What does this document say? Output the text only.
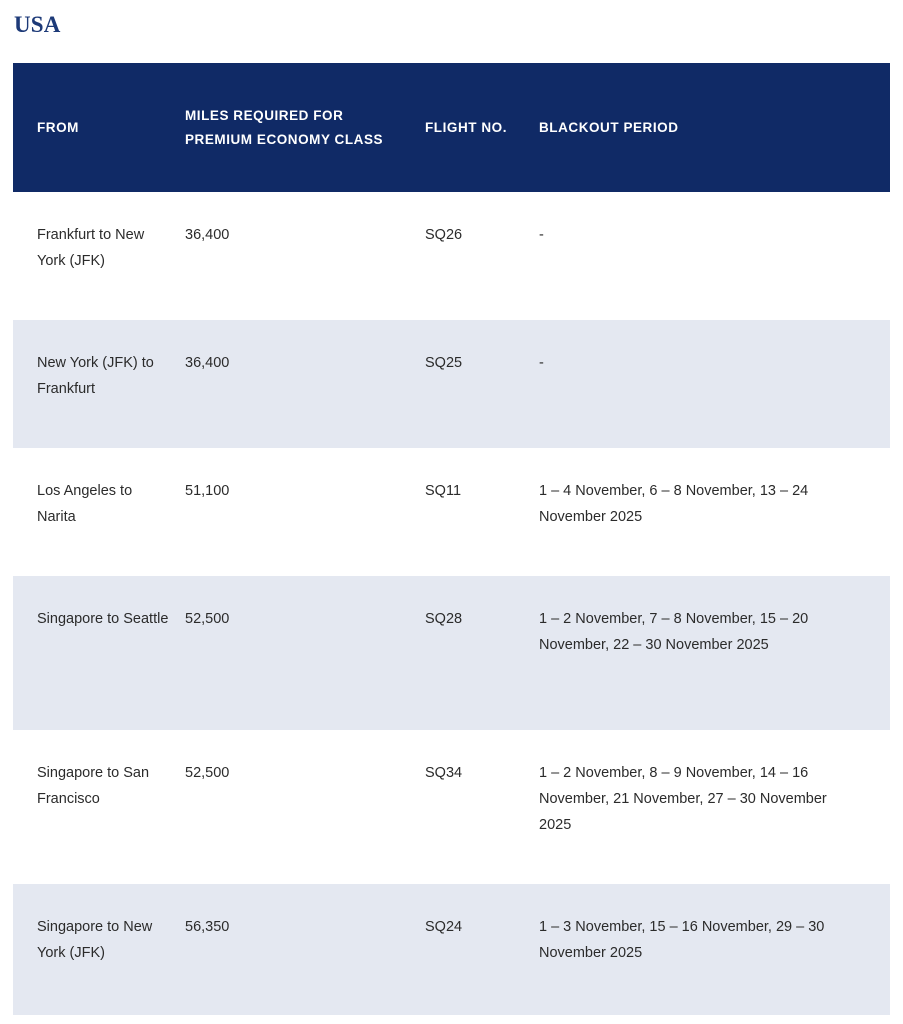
USA
FROM	MILES REQUIRED FOR PREMIUM ECONOMY CLASS	FLIGHT NO.	BLACKOUT PERIOD

Frankfurt to New York (JFK)	36,400	SQ26	-

New York (JFK) to Frankfurt	36,400	SQ25	-

Los Angeles to Narita	51,100	SQ11	1 – 4 November, 6 – 8 November, 13 – 24 November 2025

Singapore to Seattle	52,500	SQ28	1 – 2 November, 7 – 8 November, 15 – 20 November, 22 – 30 November 2025

Singapore to San Francisco	52,500	SQ34	1 – 2 November, 8 – 9 November, 14 – 16 November, 21 November, 27 – 30 November 2025

Singapore to New York (JFK)	56,350	SQ24	1 – 3 November, 15 – 16 November, 29 – 30 November 2025
